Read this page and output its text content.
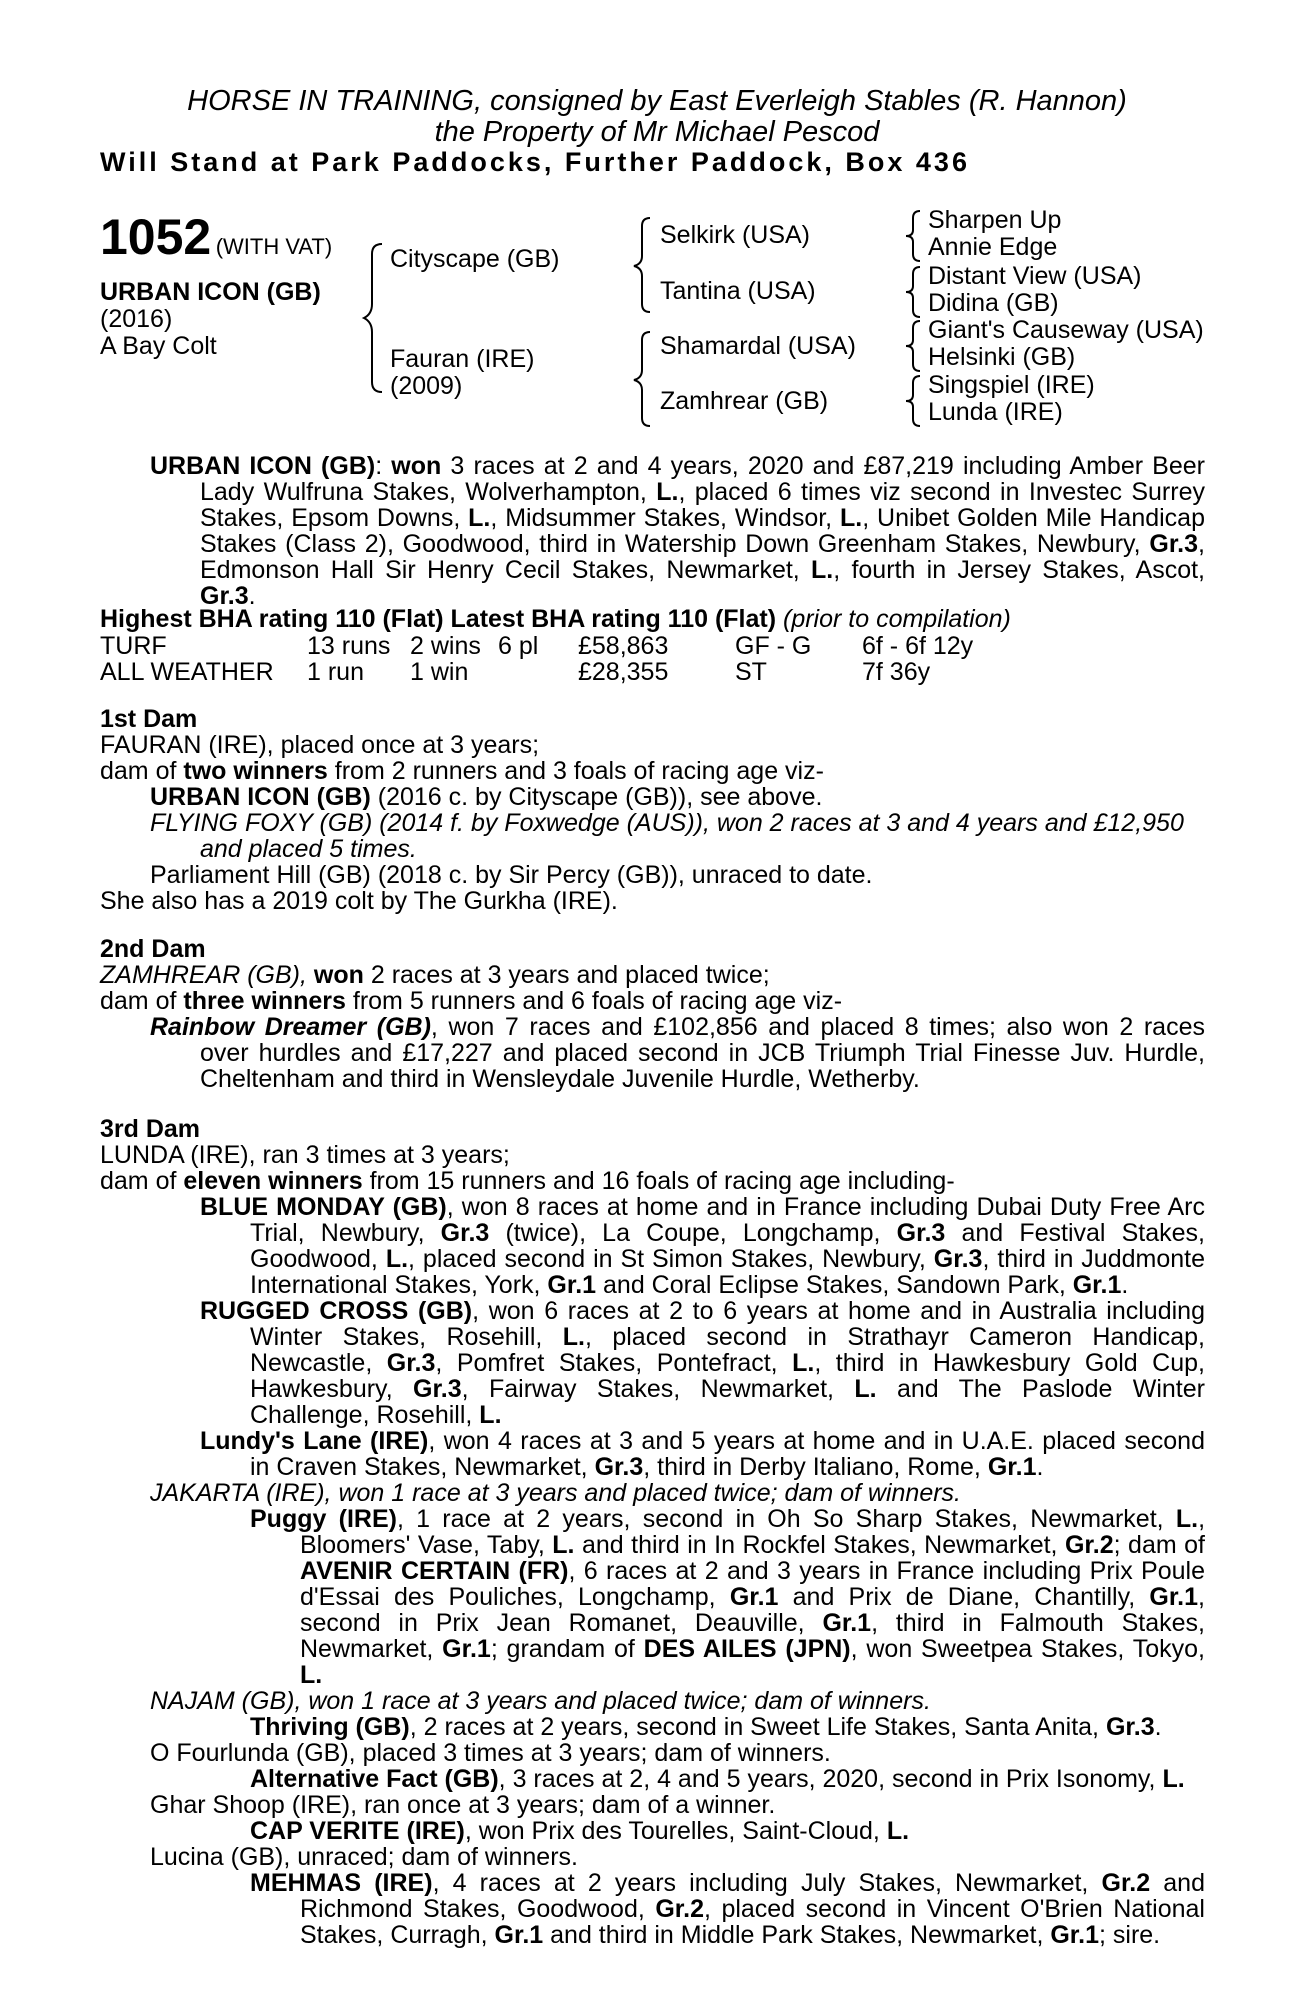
HORSE IN TRAINING, consigned by East Everleigh Stables (R. Hannon)
the Property of Mr Michael Pescod
Will Stand at Park Paddocks, Further Paddock, Box 436
1052 (WITH VAT)
URBAN ICON (GB)
(2016)
A Bay Colt
Cityscape (GB)
Fauran (IRE)
(2009)
Selkirk (USA)
Tantina (USA)
Shamardal (USA)
Zamhrear (GB)
Sharpen Up
Annie Edge
Distant View (USA)
Didina (GB)
Giant's Causeway (USA)
Helsinki (GB)
Singspiel (IRE)
Lunda (IRE)

URBAN ICON (GB): won 3 races at 2 and 4 years, 2020 and £87,219 including Amber Beer Lady Wulfruna Stakes, Wolverhampton, L., placed 6 times viz second in Investec Surrey Stakes, Epsom Downs, L., Midsummer Stakes, Windsor, L., Unibet Golden Mile Handicap Stakes (Class 2), Goodwood, third in Watership Down Greenham Stakes, Newbury, Gr.3, Edmonson Hall Sir Henry Cecil Stakes, Newmarket, L., fourth in Jersey Stakes, Ascot, Gr.3.

Highest BHA rating 110 (Flat) Latest BHA rating 110 (Flat) (prior to compilation)
TURF	13 runs 2 wins 6 pl £58,863	GF - G 6f - 6f 12y
ALL WEATHER 1 run 1 win	£28,355	ST	7f 36y

1st Dam

FAURAN (IRE), placed once at 3 years;

dam of two winners from 2 runners and 3 foals of racing age viz-

URBAN ICON (GB) (2016 c. by Cityscape (GB)), see above.

FLYING FOXY (GB) (2014 f. by Foxwedge (AUS)), won 2 races at 3 and 4 years and £12,950 and placed 5 times.

Parliament Hill (GB) (2018 c. by Sir Percy (GB)), unraced to date.

She also has a 2019 colt by The Gurkha (IRE).

2nd Dam

ZAMHREAR (GB), won 2 races at 3 years and placed twice;

dam of three winners from 5 runners and 6 foals of racing age viz-

Rainbow Dreamer (GB), won 7 races and £102,856 and placed 8 times; also won 2 races over hurdles and £17,227 and placed second in JCB Triumph Trial Finesse Juv. Hurdle, Cheltenham and third in Wensleydale Juvenile Hurdle, Wetherby.

3rd Dam

LUNDA (IRE), ran 3 times at 3 years;

dam of eleven winners from 15 runners and 16 foals of racing age including-

BLUE MONDAY (GB), won 8 races at home and in France including Dubai Duty Free Arc Trial, Newbury, Gr.3 (twice), La Coupe, Longchamp, Gr.3 and Festival Stakes, Goodwood, L., placed second in St Simon Stakes, Newbury, Gr.3, third in Juddmonte International Stakes, York, Gr.1 and Coral Eclipse Stakes, Sandown Park, Gr.1.

RUGGED CROSS (GB), won 6 races at 2 to 6 years at home and in Australia including Winter Stakes, Rosehill, L., placed second in Strathayr Cameron Handicap, Newcastle, Gr.3, Pomfret Stakes, Pontefract, L., third in Hawkesbury Gold Cup, Hawkesbury, Gr.3, Fairway Stakes, Newmarket, L. and The Paslode Winter Challenge, Rosehill, L.

Lundy's Lane (IRE), won 4 races at 3 and 5 years at home and in U.A.E. placed second in Craven Stakes, Newmarket, Gr.3, third in Derby Italiano, Rome, Gr.1.

JAKARTA (IRE), won 1 race at 3 years and placed twice; dam of winners.

Puggy (IRE), 1 race at 2 years, second in Oh So Sharp Stakes, Newmarket, L., Bloomers' Vase, Taby, L. and third in In Rockfel Stakes, Newmarket, Gr.2; dam of AVENIR CERTAIN (FR), 6 races at 2 and 3 years in France including Prix Poule d'Essai des Pouliches, Longchamp, Gr.1 and Prix de Diane, Chantilly, Gr.1, second in Prix Jean Romanet, Deauville, Gr.1, third in Falmouth Stakes, Newmarket, Gr.1; grandam of DES AILES (JPN), won Sweetpea Stakes, Tokyo, L.

NAJAM (GB), won 1 race at 3 years and placed twice; dam of winners.

Thriving (GB), 2 races at 2 years, second in Sweet Life Stakes, Santa Anita, Gr.3.

O Fourlunda (GB), placed 3 times at 3 years; dam of winners.

Alternative Fact (GB), 3 races at 2, 4 and 5 years, 2020, second in Prix Isonomy, L.

Ghar Shoop (IRE), ran once at 3 years; dam of a winner.

CAP VERITE (IRE), won Prix des Tourelles, Saint-Cloud, L.

Lucina (GB), unraced; dam of winners.

MEHMAS (IRE), 4 races at 2 years including July Stakes, Newmarket, Gr.2 and Richmond Stakes, Goodwood, Gr.2, placed second in Vincent O'Brien National Stakes, Curragh, Gr.1 and third in Middle Park Stakes, Newmarket, Gr.1; sire.
